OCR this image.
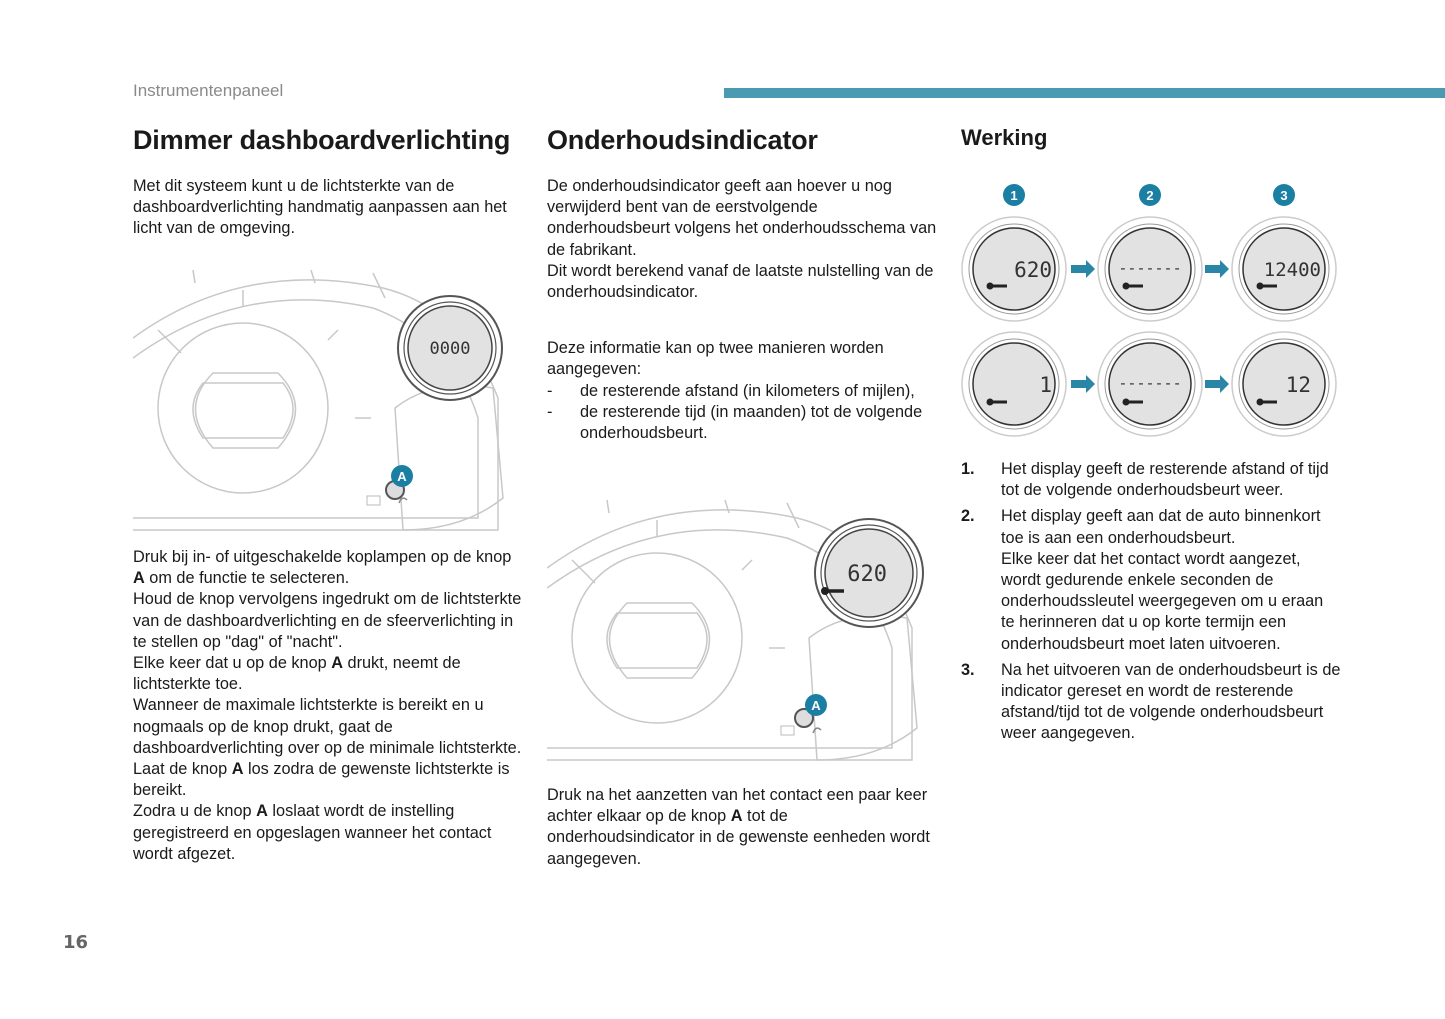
Instrumentenpaneel
Dimmer dashboardverlichting

Met dit systeem kunt u de lichtsterkte van de dashboardverlichting handmatig aanpassen aan het licht van de omgeving.

0000
A

Druk bij in- of uitgeschakelde koplampen op de knop A om de functie te selecteren.

Houd de knop vervolgens ingedrukt om de lichtsterkte van de dashboardverlichting en de sfeerverlichting in te stellen op "dag" of "nacht".

Elke keer dat u op de knop A drukt, neemt de lichtsterkte toe.

Wanneer de maximale lichtsterkte is bereikt en u nogmaals op de knop drukt, gaat de dashboardverlichting over op de minimale lichtsterkte.

Laat de knop A los zodra de gewenste lichtsterkte is bereikt.

Zodra u de knop A loslaat wordt de instelling geregistreerd en opgeslagen wanneer het contact wordt afgezet.

Onderhoudsindicator

De onderhoudsindicator geeft aan hoever u nog verwijderd bent van de eerstvolgende onderhoudsbeurt volgens het onderhoudsschema van de fabrikant.

Dit wordt berekend vanaf de laatste nulstelling van de onderhoudsindicator.

Deze informatie kan op twee manieren worden aangegeven:

- de resterende afstand (in kilometers of mijlen),
- de resterende tijd (in maanden) tot de volgende onderhoudsbeurt.
620
A

Druk na het aanzetten van het contact een paar keer achter elkaar op de knop A tot de onderhoudsindicator in de gewenste eenheden wordt aangegeven.

Werking
1	2	3
620	-------	12400
1	-------	12
1. Het display geeft de resterende afstand of tijd tot de volgende onderhoudsbeurt weer.
2. Het display geeft aan dat de auto binnenkort toe is aan een onderhoudsbeurt.
Elke keer dat het contact wordt aangezet, wordt gedurende enkele seconden de onderhoudssleutel weergegeven om u eraan te herinneren dat u op korte termijn een onderhoudsbeurt moet laten uitvoeren.
3. Na het uitvoeren van de onderhoudsbeurt is de indicator gereset en wordt de resterende afstand/tijd tot de volgende onderhoudsbeurt weer aangegeven.
16
